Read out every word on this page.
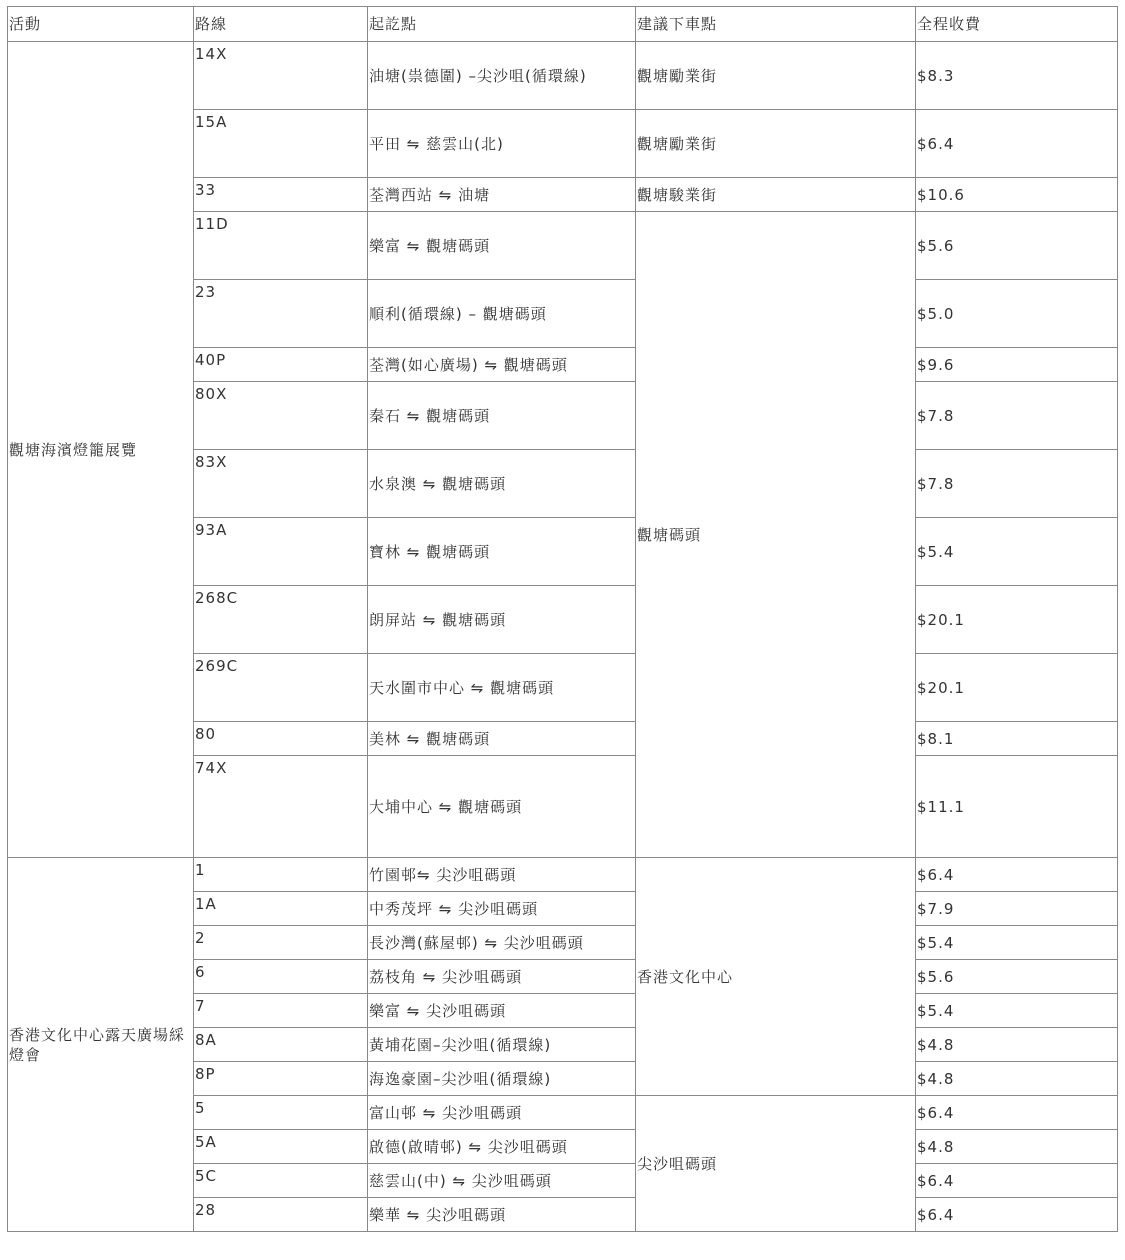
活動	路線	起訖點	建議下車點	全程收費
觀塘海濱燈籠展覽	14X	油塘(祟德圍) –尖沙咀(循環線)	觀塘勵業街	$8.3
	15A	平田 ⇋ 慈雲山(北)	觀塘勵業街	$6.4
	33	荃灣西站 ⇋ 油塘	觀塘駿業街	$10.6
	11D	樂富 ⇋ 觀塘碼頭	觀塘碼頭	$5.6
	23	順利(循環線) – 觀塘碼頭		$5.0
	40P	荃灣(如心廣場) ⇋ 觀塘碼頭		$9.6
	80X	秦石 ⇋ 觀塘碼頭		$7.8
	83X	水泉澳 ⇋ 觀塘碼頭		$7.8
	93A	寶林 ⇋ 觀塘碼頭		$5.4
	268C	朗屏站 ⇋ 觀塘碼頭		$20.1
	269C	天水圍市中心 ⇋ 觀塘碼頭		$20.1
	80	美林 ⇋ 觀塘碼頭		$8.1
	74X	大埔中心 ⇋ 觀塘碼頭		$11.1
香港文化中心露天廣場綵燈會	1	竹園邨⇋ 尖沙咀碼頭	香港文化中心	$6.4
	1A	中秀茂坪 ⇋ 尖沙咀碼頭		$7.9
	2	長沙灣(蘇屋邨) ⇋ 尖沙咀碼頭		$5.4
	6	荔枝角 ⇋ 尖沙咀碼頭		$5.6
	7	樂富 ⇋ 尖沙咀碼頭		$5.4
	8A	黃埔花園–尖沙咀(循環線)		$4.8
	8P	海逸豪園–尖沙咀(循環線)		$4.8
	5	富山邨 ⇋ 尖沙咀碼頭	尖沙咀碼頭	$6.4
	5A	啟德(啟晴邨) ⇋ 尖沙咀碼頭		$4.8
	5C	慈雲山(中) ⇋ 尖沙咀碼頭		$6.4
	28	樂華 ⇋ 尖沙咀碼頭		$6.4
